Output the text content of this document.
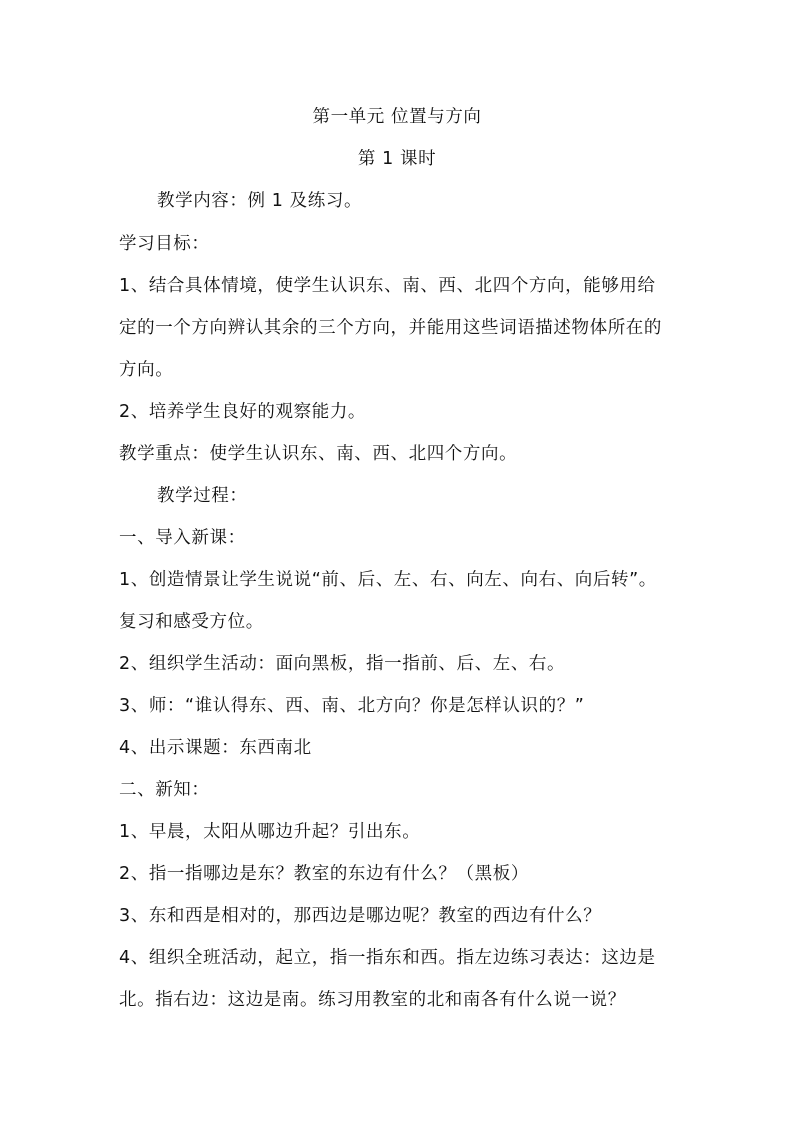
第一单元 位置与方向
第 1 课时
教学内容：例 1 及练习。
学习目标：
1、结合具体情境，使学生认识东、南、西、北四个方向，能够用给
定的一个方向辨认其余的三个方向，并能用这些词语描述物体所在的
方向。
2、培养学生良好的观察能力。
教学重点：使学生认识东、南、西、北四个方向。
教学过程：
一、导入新课：
1、创造情景让学生说说“前、后、左、右、向左、向右、向后转”。
复习和感受方位。
2、组织学生活动：面向黑板，指一指前、后、左、右。
3、师：“谁认得东、西、南、北方向？你是怎样认识的？”
4、出示课题：东西南北
二、新知：
1、早晨，太阳从哪边升起？引出东。
2、指一指哪边是东？教室的东边有什么？（黑板）
3、东和西是相对的，那西边是哪边呢？教室的西边有什么？
4、组织全班活动，起立，指一指东和西。指左边练习表达：这边是
北。指右边：这边是南。练习用教室的北和南各有什么说一说？
